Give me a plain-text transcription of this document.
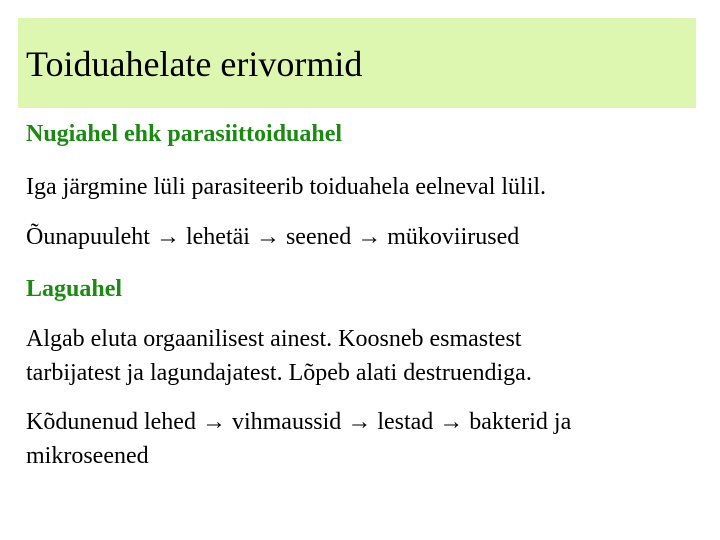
Toiduahelate erivormid
Nugiahel ehk parasiittoiduahel
Iga järgmine lüli parasiteerib toiduahela eelneval lülil.
Õunapuuleht → lehetäi → seened → mükoviirused
Laguahel
Algab eluta orgaanilisest ainest. Koosneb esmastest
tarbijatest ja lagundajatest. Lõpeb alati destruendiga.
Kõdunenud lehed → vihmaussid → lestad → bakterid ja
mikroseened
